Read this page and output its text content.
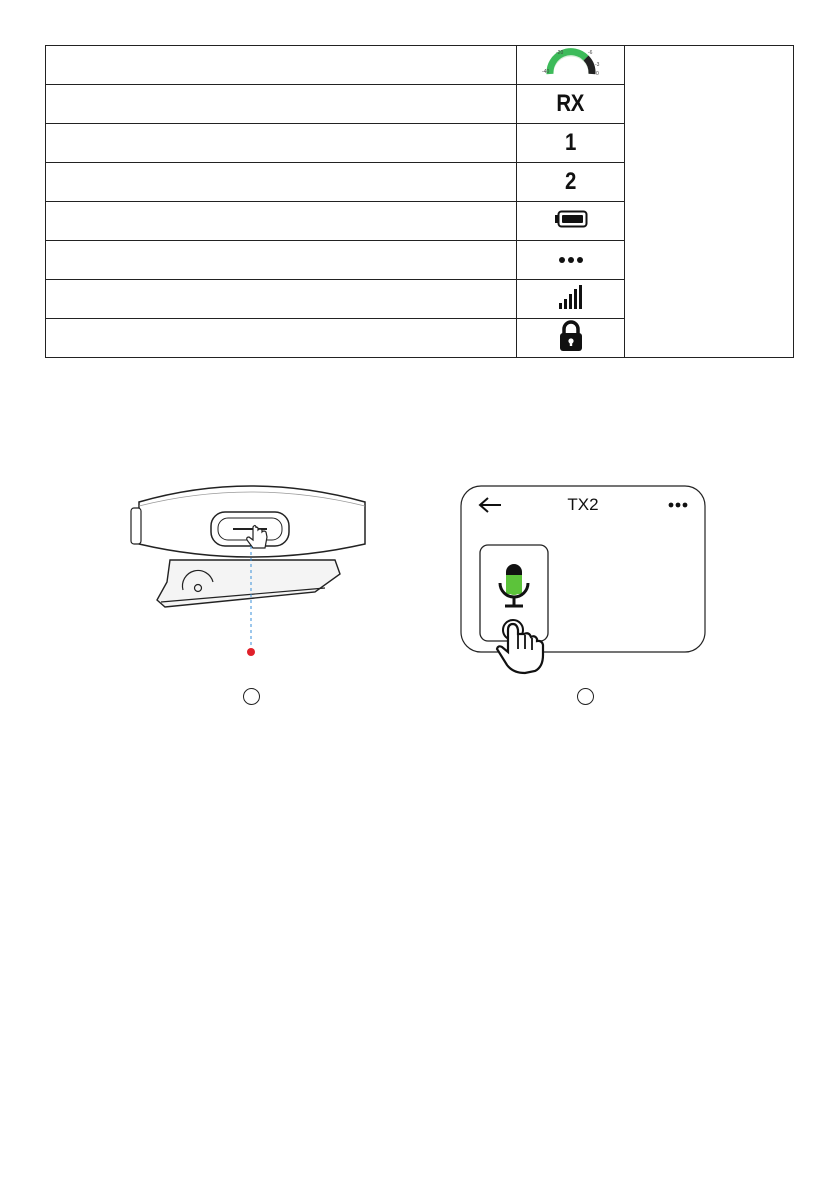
-40
-20 -6
-3
0	

	RX	
	1	
	2	

TX2
